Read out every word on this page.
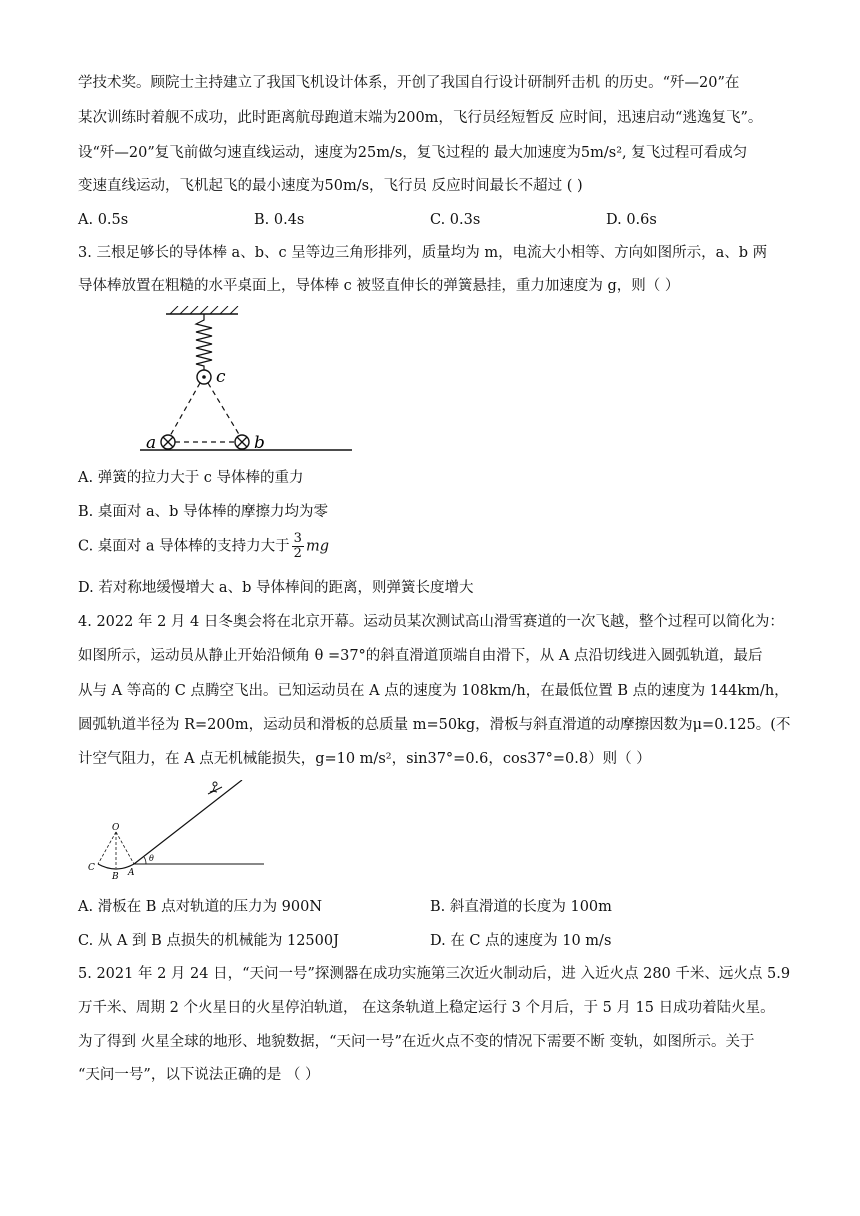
学技术奖。顾院士主持建立了我国飞机设计体系，开创了我国自行设计研制歼击机 的历史。“歼—20”在
某次训练时着舰不成功，此时距离航母跑道末端为200m，飞行员经短暂反 应时间，迅速启动“逃逸复飞”。
设“歼—20”复飞前做匀速直线运动，速度为25m/s，复飞过程的 最大加速度为5m/s², 复飞过程可看成匀
变速直线运动，飞机起飞的最小速度为50m/s，飞行员 反应时间最长不超过 ( )
A. 0.5s	B. 0.4s	C. 0.3s	D. 0.6s
3. 三根足够长的导体棒 a、b、c 呈等边三角形排列，质量均为 m，电流大小相等、方向如图所示，a、b 两
导体棒放置在粗糙的水平桌面上，导体棒 c 被竖直伸长的弹簧悬挂，重力加速度为 g，则（ ）
c
a	b
A. 弹簧的拉力大于 c 导体棒的重力
B. 桌面对 a、b 导体棒的摩擦力均为零
C. 桌面对 a 导体棒的支持力大于 $\frac{3}{2}$ mg
D. 若对称地缓慢增大 a、b 导体棒间的距离，则弹簧长度增大
4. 2022 年 2 月 4 日冬奥会将在北京开幕。运动员某次测试高山滑雪赛道的一次飞越，整个过程可以简化为：
如图所示，运动员从静止开始沿倾角 θ =37°的斜直滑道顶端自由滑下，从 A 点沿切线进入圆弧轨道，最后
从与 A 等高的 C 点腾空飞出。已知运动员在 A 点的速度为 108km/h，在最低位置 B 点的速度为 144km/h，
圆弧轨道半径为 R=200m，运动员和滑板的总质量 m=50kg，滑板与斜直滑道的动摩擦因数为μ=0.125。(不
计空气阻力，在 A 点无机械能损失，g=10 m/s²，sin37°=0.6，cos37°=0.8）则（ ）
θ
O
C
B A
A. 滑板在 B 点对轨道的压力为 900N	B. 斜直滑道的长度为 100m
C. 从 A 到 B 点损失的机械能为 12500J	D. 在 C 点的速度为 10 m/s
5. 2021 年 2 月 24 日，“天问一号”探测器在成功实施第三次近火制动后，进 入近火点 280 千米、远火点 5.9
万千米、周期 2 个火星日的火星停泊轨道， 在这条轨道上稳定运行 3 个月后，于 5 月 15 日成功着陆火星。
为了得到 火星全球的地形、地貌数据，“天问一号”在近火点不变的情况下需要不断 变轨，如图所示。关于
“天问一号”，以下说法正确的是 （ ）
